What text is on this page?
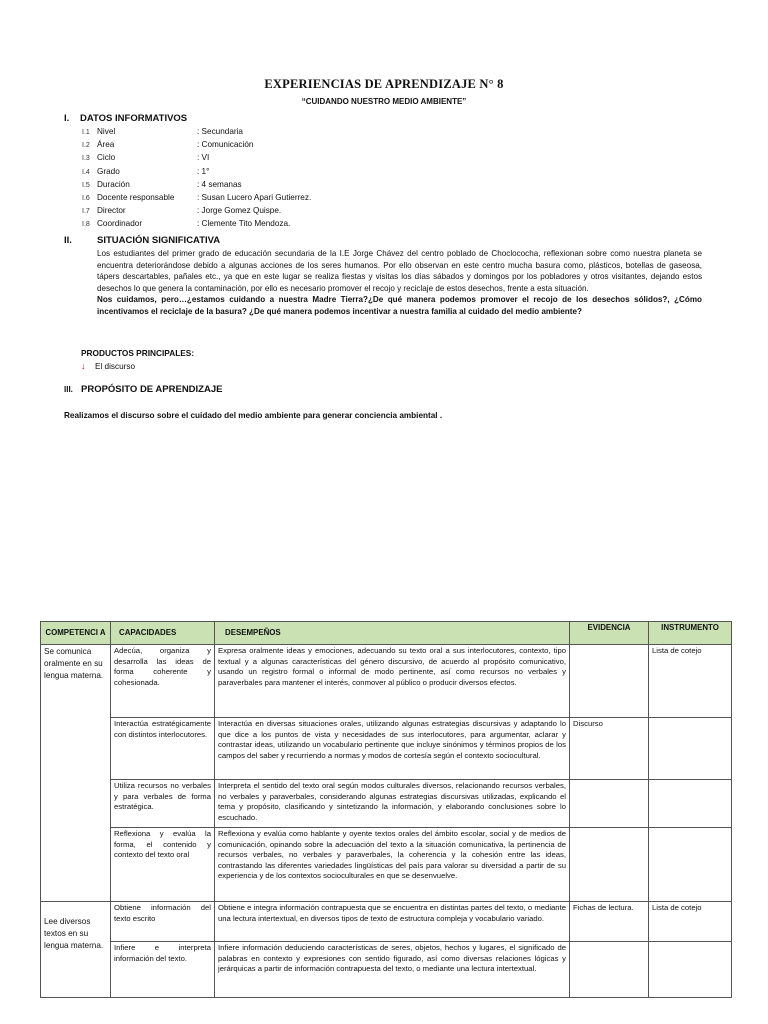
EXPERIENCIAS DE APRENDIZAJE N° 8
“CUIDANDO NUESTRO MEDIO AMBIENTE”
I. DATOS INFORMATIVOS
I.1 Nivel	: Secundaria
I.2 Área	: Comunicación
I.3 Ciclo	: VI
I.4 Grado	: 1°
I.5 Duración	: 4 semanas
I.6 Docente responsable	: Susan Lucero Apari Gutierrez.
I.7 Director	: Jorge Gomez Quispe.
I.8 Coordinador	: Clemente Tito Mendoza.
II.	SITUACIÓN SIGNIFICATIVA

Los estudiantes del primer grado de educación secundaria de la I.E Jorge Chávez del centro poblado de Choclococha, reflexionan sobre como nuestra planeta se encuentra deteriorándose debido a algunas acciones de los seres humanos. Por ello observan en este centro mucha basura como, plásticos, botellas de gaseosa, tápers descartables, pañales etc., ya que en este lugar se realiza fiestas y visitas los días sábados y domingos por los pobladores y otros visitantes, dejando estos desechos lo que genera la contaminación, por ello es necesario promover el recojo y reciclaje de estos desechos, frente a esta situación.

Nos cuidamos, pero…¿estamos cuidando a nuestra Madre Tierra?¿De qué manera podemos promover el recojo de los desechos sólidos?, ¿Cómo incentivamos el reciclaje de la basura? ¿De qué manera podemos incentivar a nuestra familia al cuidado del medio ambiente?

PRODUCTOS PRINCIPALES:
↓ El discurso
III. PROPÓSITO DE APRENDIZAJE
Realizamos el discurso sobre el cuidado del medio ambiente para generar conciencia ambiental .
COMPETENCI A	CAPACIDADES	DESEMPEÑOS	EVIDENCIA	INSTRUMENTO
Se comunica oralmente en su lengua materna.	Adecúa, organiza y desarrolla las ideas de forma coherente y cohesionada.	Expresa oralmente ideas y emociones, adecuando su texto oral a sus interlocutores, contexto, tipo textual y a algunas características del género discursivo, de acuerdo al propósito comunicativo, usando un registro formal o informal de modo pertinente, así como recursos no verbales y paraverbales para mantener el interés, conmover al público o producir diversos efectos.		Lista de cotejo
	Interactúa estratégicamente con distintos interlocutores.	Interactúa en diversas situaciones orales, utilizando algunas estrategias discursivas y adaptando lo que dice a los puntos de vista y necesidades de sus interlocutores, para argumentar, aclarar y contrastar ideas, utilizando un vocabulario pertinente que incluye sinónimos y términos propios de los campos del saber y recurriendo a normas y modos de cortesía según el contexto sociocultural.	Discurso	
	Utiliza recursos no verbales y para verbales de forma estratégica.	Interpreta el sentido del texto oral según modos culturales diversos, relacionando recursos verbales, no verbales y paraverbales, considerando algunas estrategias discursivas utilizadas, explicando el tema y propósito, clasificando y sintetizando la información, y elaborando conclusiones sobre lo escuchado.		
	Reflexiona y evalúa la forma, el contenido y contexto del texto oral	Reflexiona y evalúa como hablante y oyente textos orales del ámbito escolar, social y de medios de comunicación, opinando sobre la adecuación del texto a la situación comunicativa, la pertinencia de recursos verbales, no verbales y paraverbales, la coherencia y la cohesión entre las ideas, contrastando las diferentes variedades lingüísticas del país para valorar su diversidad a partir de su experiencia y de los contextos socioculturales en que se desenvuelve.		
Lee diversos textos en su lengua materna.	Obtiene información del texto escrito	Obtiene e integra información contrapuesta que se encuentra en distintas partes del texto, o mediante una lectura intertextual, en diversos tipos de texto de estructura compleja y vocabulario variado.	Fichas de lectura.	Lista de cotejo
	Infiere e interpreta información del texto.	Infiere información deduciendo características de seres, objetos, hechos y lugares, el significado de palabras en contexto y expresiones con sentido figurado, así como diversas relaciones lógicas y jerárquicas a partir de información contrapuesta del texto, o mediante una lectura intertextual.		
